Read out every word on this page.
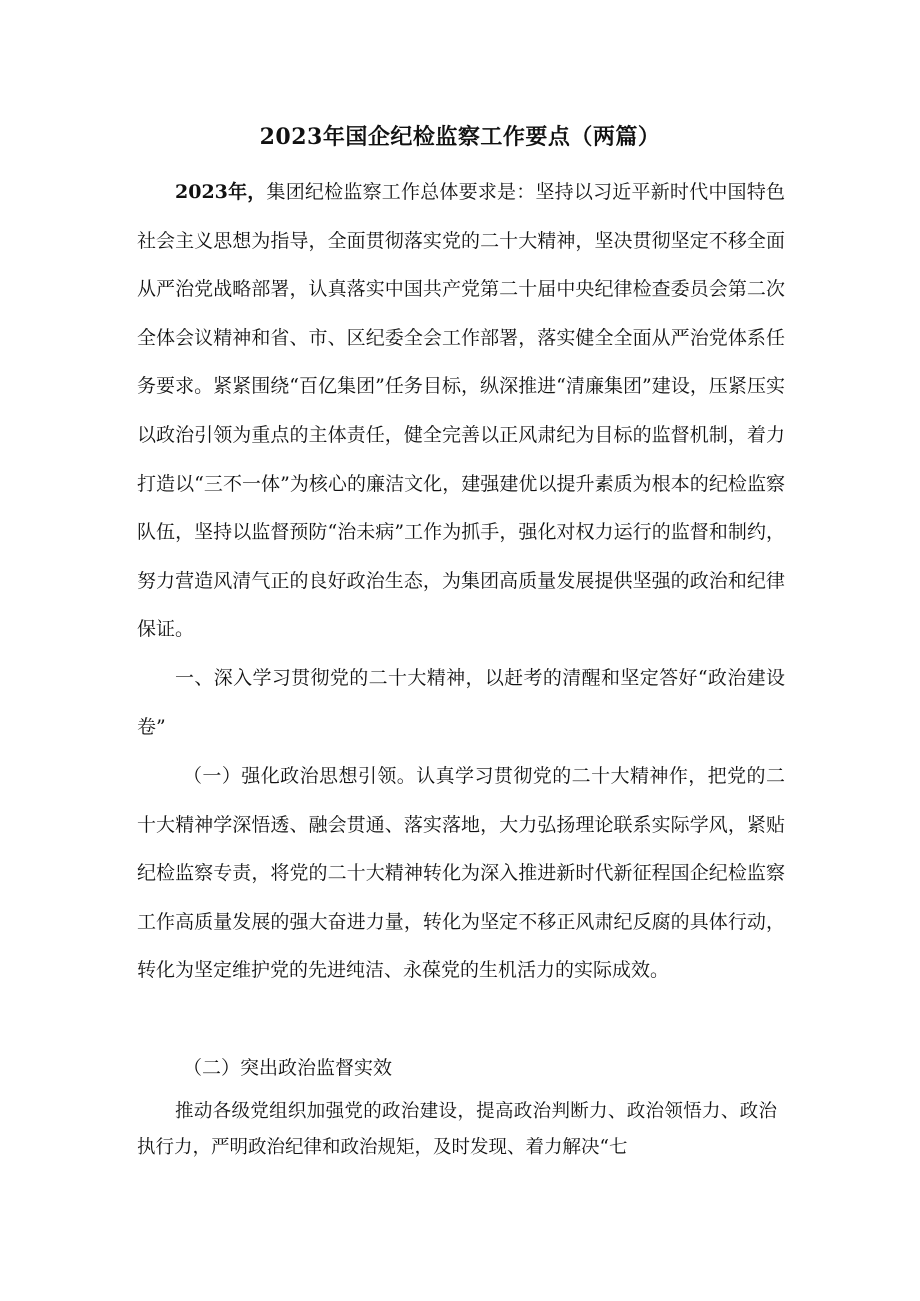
2023年国企纪检监察工作要点（两篇）

2023年，集团纪检监察工作总体要求是：坚持以习近平新时代中国特色社会主义思想为指导，全面贯彻落实党的二十大精神，坚决贯彻坚定不移全面从严治党战略部署，认真落实中国共产党第二十届中央纪律检查委员会第二次全体会议精神和省、市、区纪委全会工作部署，落实健全全面从严治党体系任务要求。紧紧围绕“百亿集团”任务目标，纵深推进“清廉集团”建设，压紧压实以政治引领为重点的主体责任，健全完善以正风肃纪为目标的监督机制，着力打造以“三不一体”为核心的廉洁文化，建强建优以提升素质为根本的纪检监察队伍，坚持以监督预防“治未病”工作为抓手，强化对权力运行的监督和制约，努力营造风清气正的良好政治生态，为集团高质量发展提供坚强的政治和纪律保证。

一、深入学习贯彻党的二十大精神，以赶考的清醒和坚定答好“政治建设卷”

（一）强化政治思想引领。认真学习贯彻党的二十大精神作，把党的二十大精神学深悟透、融会贯通、落实落地，大力弘扬理论联系实际学风，紧贴纪检监察专责，将党的二十大精神转化为深入推进新时代新征程国企纪检监察工作高质量发展的强大奋进力量，转化为坚定不移正风肃纪反腐的具体行动，转化为坚定维护党的先进纯洁、永葆党的生机活力的实际成效。

（二）突出政治监督实效

推动各级党组织加强党的政治建设，提高政治判断力、政治领悟力、政治执行力，严明政治纪律和政治规矩，及时发现、着力解决“七
